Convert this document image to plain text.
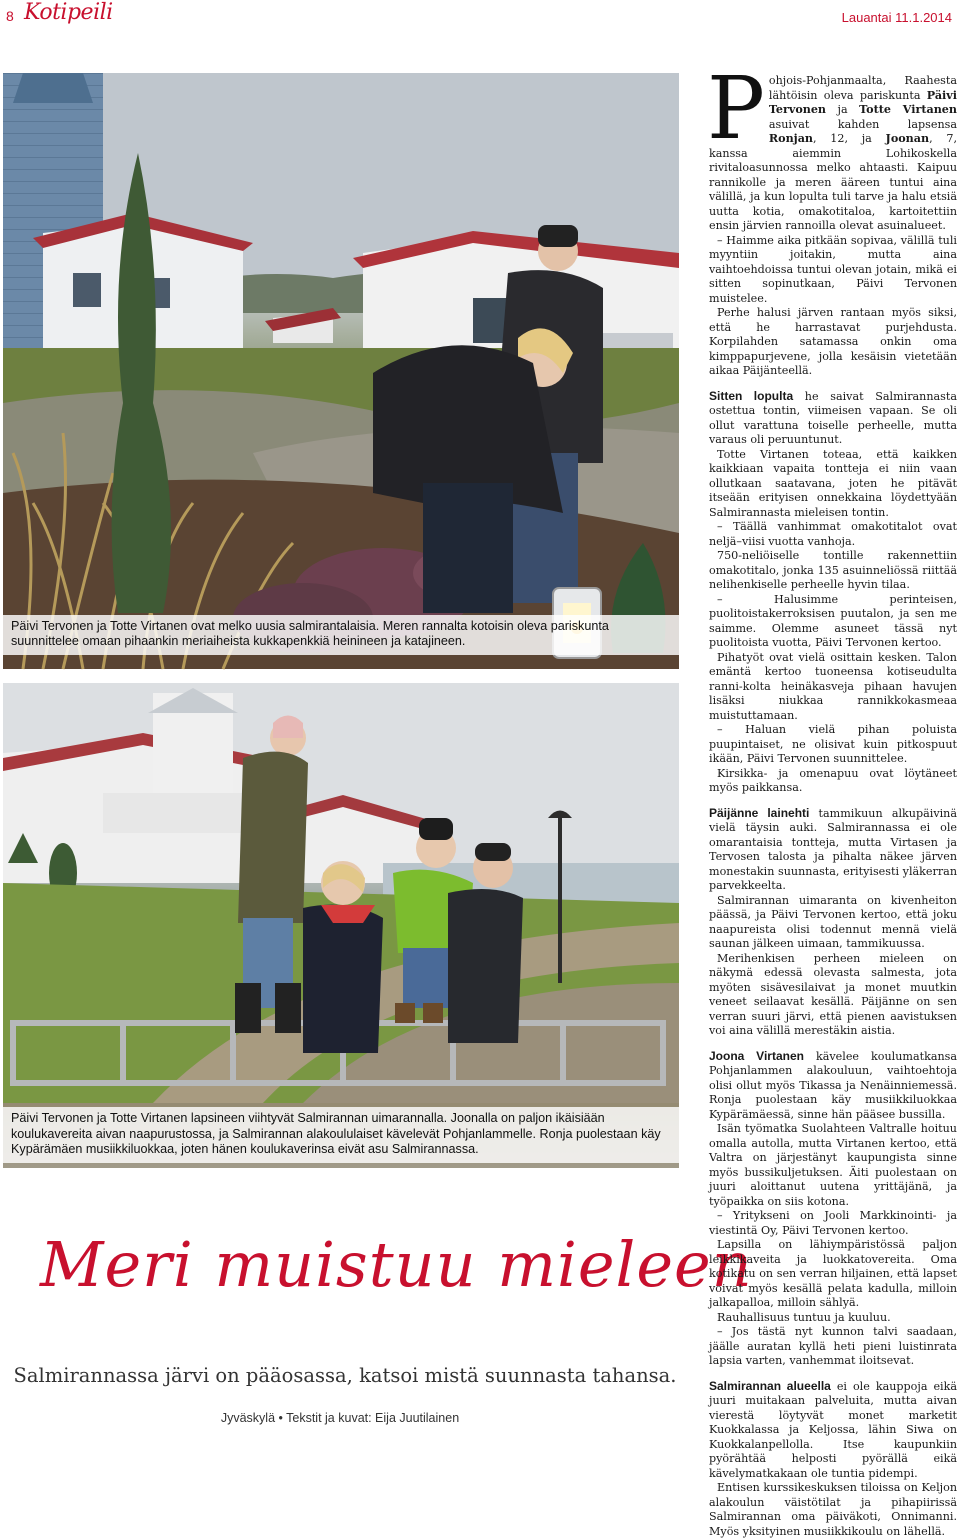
8 Kotipeili	Lauantai 11.1.2014
Päivi Tervonen ja Totte Virtanen ovat melko uusia salmirantalaisia. Meren rannalta kotoisin oleva pariskunta suunnittelee omaan pihaankin meriaiheista kukkapenkkiä heinineen ja katajineen.
Päivi Tervonen ja Totte Virtanen lapsineen viihtyvät Salmirannan uimarannalla. Joonalla on paljon ikäisiään koulukavereita aivan naapurustossa, ja Salmirannan alakoululaiset kävelevät Pohjanlammelle. Ronja puolestaan käy Kypärämäen musiikkiluokkaa, joten hänen koulukaverinsa eivät asu Salmirannassa.
Meri muistuu mieleen
Salmirannassa järvi on pääosassa, katsoi mistä suunnasta tahansa.
Jyväskylä • Tekstit ja kuvat: Eija Juutilainen

Pohjois-Pohjanmaalta, Raahesta lähtöisin oleva pariskunta Päivi Tervonen ja Totte Virtanen asuivat kahden lapsensa Ronjan, 12, ja Joonan, 7, kanssa aiemmin Lohikoskella rivitaloasunnossa melko ahtaasti. Kaipuu rannikolle ja meren ääreen tuntui aina välillä, ja kun lopulta tuli tarve ja halu etsiä uutta kotia, omakotitaloa, kartoitettiin ensin järvien rannoilla olevat asuinalueet.

– Haimme aika pitkään sopivaa, välillä tuli myyntiin joitakin, mutta aina vaihtoehdoissa tuntui olevan jotain, mikä ei sitten sopinutkaan, Päivi Tervonen muistelee.

Perhe halusi järven rantaan myös siksi, että he harrastavat purjehdusta. Korpilahden satamassa onkin oma kimppapurjevene, jolla kesäisin vietetään aikaa Päijänteellä.

Sitten lopulta he saivat Salmirannasta ostettua tontin, viimeisen vapaan. Se oli ollut varattuna toiselle perheelle, mutta varaus oli peruuntunut.

Totte Virtanen toteaa, että kaikken kaikkiaan vapaita tontteja ei niin vaan ollutkaan saatavana, joten he pitävät itseään erityisen onnekkaina löydettyään Salmirannasta mieleisen tontin.

– Täällä vanhimmat omakotitalot ovat neljä–viisi vuotta vanhoja.

750-neliöiselle tontille rakennettiin omakotitalo, jonka 135 asuinneliössä riittää nelihenkiselle perheelle hyvin tilaa.

– Halusimme perinteisen, puolitoistakerroksisen puutalon, ja sen me saimme. Olemme asuneet tässä nyt puolitoista vuotta, Päivi Tervonen kertoo.

Pihatyöt ovat vielä osittain kesken. Talon emäntä kertoo tuoneensa kotiseudulta ranni-kolta heinäkasveja pihaan havujen lisäksi niukkaa rannikkokasmeaa muistuttamaan.

– Haluan vielä pihan poluista puupintaiset, ne olisivat kuin pitkospuut ikään, Päivi Tervonen suunnittelee.

Kirsikka- ja omenapuu ovat löytäneet myös paikkansa.

Päijänne lainehti tammikuun alkupäivinä vielä täysin auki. Salmirannassa ei ole omarantaisia tontteja, mutta Virtasen ja Tervosen talosta ja pihalta näkee järven monestakin suunnasta, erityisesti yläkerran parvekkeelta.

Salmirannan uimaranta on kivenheiton päässä, ja Päivi Tervonen kertoo, että joku naapureista olisi todennut mennä vielä saunan jälkeen uimaan, tammikuussa.

Merihenkisen perheen mieleen on näkymä edessä olevasta salmesta, jota myöten sisävesilaivat ja monet muutkin veneet seilaavat kesällä. Päijänne on sen verran suuri järvi, että pienen aavistuksen voi aina välillä merestäkin aistia.

Joona Virtanen kävelee koulumatkansa Pohjanlammen alakouluun, vaihtoehtoja olisi ollut myös Tikassa ja Nenäinniemessä. Ronja puolestaan käy musiikkiluokkaa Kypärämäessä, sinne hän pääsee bussilla.

Isän työmatka Suolahteen Valtralle hoituu omalla autolla, mutta Virtanen kertoo, että Valtra on järjestänyt kaupungista sinne myös bussikuljetuksen. Äiti puolestaan on juuri aloittanut uutena yrittäjänä, ja työpaikka on siis kotona.

– Yritykseni on Jooli Markkinointi- ja viestintä Oy, Päivi Tervonen kertoo.

Lapsilla on lähiympäristössä paljon leikkikaveita ja luokkatovereita. Oma kotikatu on sen verran hiljainen, että lapset voivat myös kesällä pelata kadulla, milloin jalkapalloa, milloin sählyä.

Rauhallisuus tuntuu ja kuuluu.

– Jos tästä nyt kunnon talvi saadaan, jäälle auratan kyllä heti pieni luistinrata lapsia varten, vanhemmat iloitsevat.

Salmirannan alueella ei ole kauppoja eikä juuri muitakaan palveluita, mutta aivan vierestä löytyvät monet marketit Kuokkalassa ja Keljossa, lähin Siwa on Kuokkalanpellolla. Itse kaupunkiin pyörähtää helposti pyörällä eikä kävelymatkakaan ole tuntia pidempi.

Entisen kurssikeskuksen tiloissa on Keljon alakoulun väistötilat ja pihapiirissä Salmirannan oma päiväkoti, Onnimanni. Myös yksityinen musiikkikoulu on lähellä.
